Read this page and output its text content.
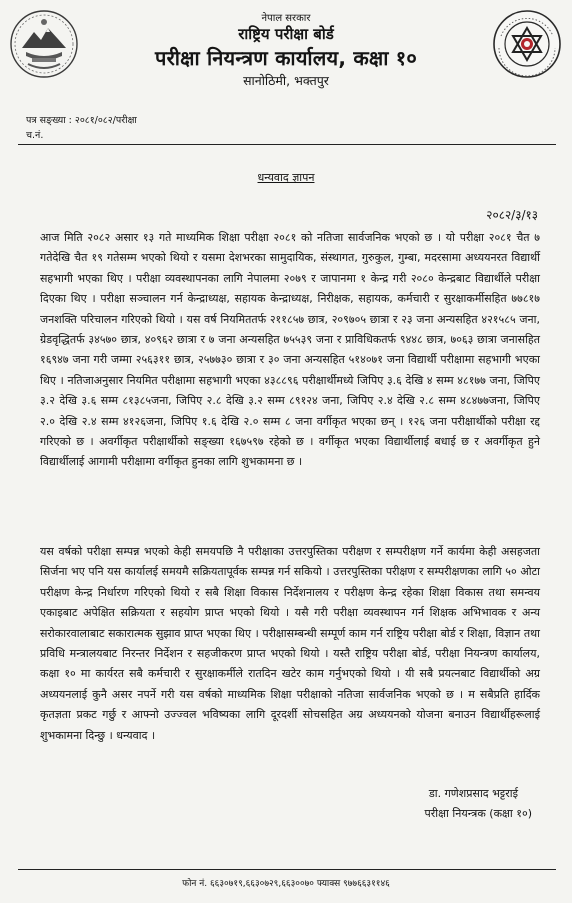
नेपाल सरकार
राष्ट्रिय परीक्षा बोर्ड
परीक्षा नियन्त्रण कार्यालय, कक्षा १०
सानोठिमी, भक्तपुर
पत्र सङ्ख्या : २०८१/०८२/परीक्षा
च.नं.
धन्यवाद ज्ञापन
२०८२/३/१३
आज मिति २०८२ असार १३ गते माध्यमिक शिक्षा परीक्षा २०८१ को नतिजा सार्वजनिक भएको छ । यो परीक्षा २०८१ चैत ७ गतेदेखि चैत १९ गतेसम्म भएको थियो र यसमा देशभरका सामुदायिक, संस्थागत, गुरुकुल, गुम्बा, मदरसामा अध्ययनरत विद्यार्थी सहभागी भएका थिए । परीक्षा व्यवस्थापनका लागि नेपालमा २०७९ र जापानमा १ केन्द्र गरी २०८० केन्द्रबाट विद्यार्थीले परीक्षा दिएका थिए । परीक्षा सञ्चालन गर्न केन्द्राध्यक्ष, सहायक केन्द्राध्यक्ष, निरीक्षक, सहायक, कर्मचारी र सुरक्षाकर्मीसहित ७७८१७ जनशक्ति परिचालन गरिएको थियो । यस वर्ष नियमिततर्फ २११८५७ छात्र, २०९७०५ छात्रा र २३ जना अन्यसहित ४२१५८५ जना, ग्रेडवृद्धितर्फ ३४५७० छात्र, ४०९६२ छात्रा र ७ जना अन्यसहित ७५५३९ जना र प्राविधिकतर्फ ९४४८ छात्र, ७०६३ छात्रा जनासहित १६९४७ जना गरी जम्मा २५६३११ छात्र, २५७७३० छात्रा र ३० जना अन्यसहित ५१४०७१ जना विद्यार्थी परीक्षामा सहभागी भएका थिए । नतिजाअनुसार नियमित परीक्षामा सहभागी भएका ४३८८९६ परीक्षार्थीमध्ये जिपिए ३.६ देखि ४ सम्म ४८१७७ जना, जिपिए ३.२ देखि ३.६ सम्म ८१३८५जना, जिपिए २.८ देखि ३.२ सम्म ८९१२४ जना, जिपिए २.४ देखि २.८ सम्म ४८४७७जना, जिपिए २.० देखि २.४ सम्म ४१२६जना, जिपिए १.६ देखि २.० सम्म ८ जना वर्गीकृत भएका छन् । १२६ जना परीक्षार्थीको परीक्षा रद्द गरिएको छ । अवर्गीकृत परीक्षार्थीको सङ्ख्या १६७५९७ रहेको छ । वर्गीकृत भएका विद्यार्थीलाई बधाई छ र अवर्गीकृत हुने विद्यार्थीलाई आगामी परीक्षामा वर्गीकृत हुनका लागि शुभकामना छ ।
यस वर्षको परीक्षा सम्पन्न भएको केही समयपछि नै परीक्षाका उत्तरपुस्तिका परीक्षण र सम्परीक्षण गर्ने कार्यमा केही असहजता सिर्जना भए पनि यस कार्यालई समयमै सक्रियतापूर्वक सम्पन्न गर्न सकियो । उत्तरपुस्तिका परीक्षण र सम्परीक्षणका लागि ५० ओटा परीक्षण केन्द्र निर्धारण गरिएको थियो र सबै शिक्षा विकास निर्देशनालय र परीक्षण केन्द्र रहेका शिक्षा विकास तथा समन्वय एकाइबाट अपेक्षित सक्रियता र सहयोग प्राप्त भएको थियो । यसै गरी परीक्षा व्यवस्थापन गर्न शिक्षक अभिभावक र अन्य सरोकारवालाबाट सकारात्मक सुझाव प्राप्त भएका थिए । परीक्षासम्बन्धी सम्पूर्ण काम गर्न राष्ट्रिय परीक्षा बोर्ड र शिक्षा, विज्ञान तथा प्रविधि मन्त्रालयबाट निरन्तर निर्देशन र सहजीकरण प्राप्त भएको थियो । यस्तै राष्ट्रिय परीक्षा बोर्ड, परीक्षा नियन्त्रण कार्यालय, कक्षा १० मा कार्यरत सबै कर्मचारी र सुरक्षाकर्मीले रातदिन खटेर काम गर्नुभएको थियो । यी सबै प्रयत्नबाट विद्यार्थीको अग्र अध्ययनलाई कुनै असर नपर्ने गरी यस वर्षको माध्यमिक शिक्षा परीक्षाको नतिजा सार्वजनिक भएको छ । म सबैप्रति हार्दिक कृतज्ञता प्रकट गर्छु र आफ्नो उज्ज्वल भविष्यका लागि दूरदर्शी सोचसहित अग्र अध्ययनको योजना बनाउन विद्यार्थीहरूलाई शुभकामना दिन्छु । धन्यवाद ।
डा. गणेशप्रसाद भट्टराई
परीक्षा नियन्त्रक (कक्षा १०)
फोन नं. ६६३०७१९,६६३०७२९,६६३००७० फ्याक्स ९७७६६३११४६
